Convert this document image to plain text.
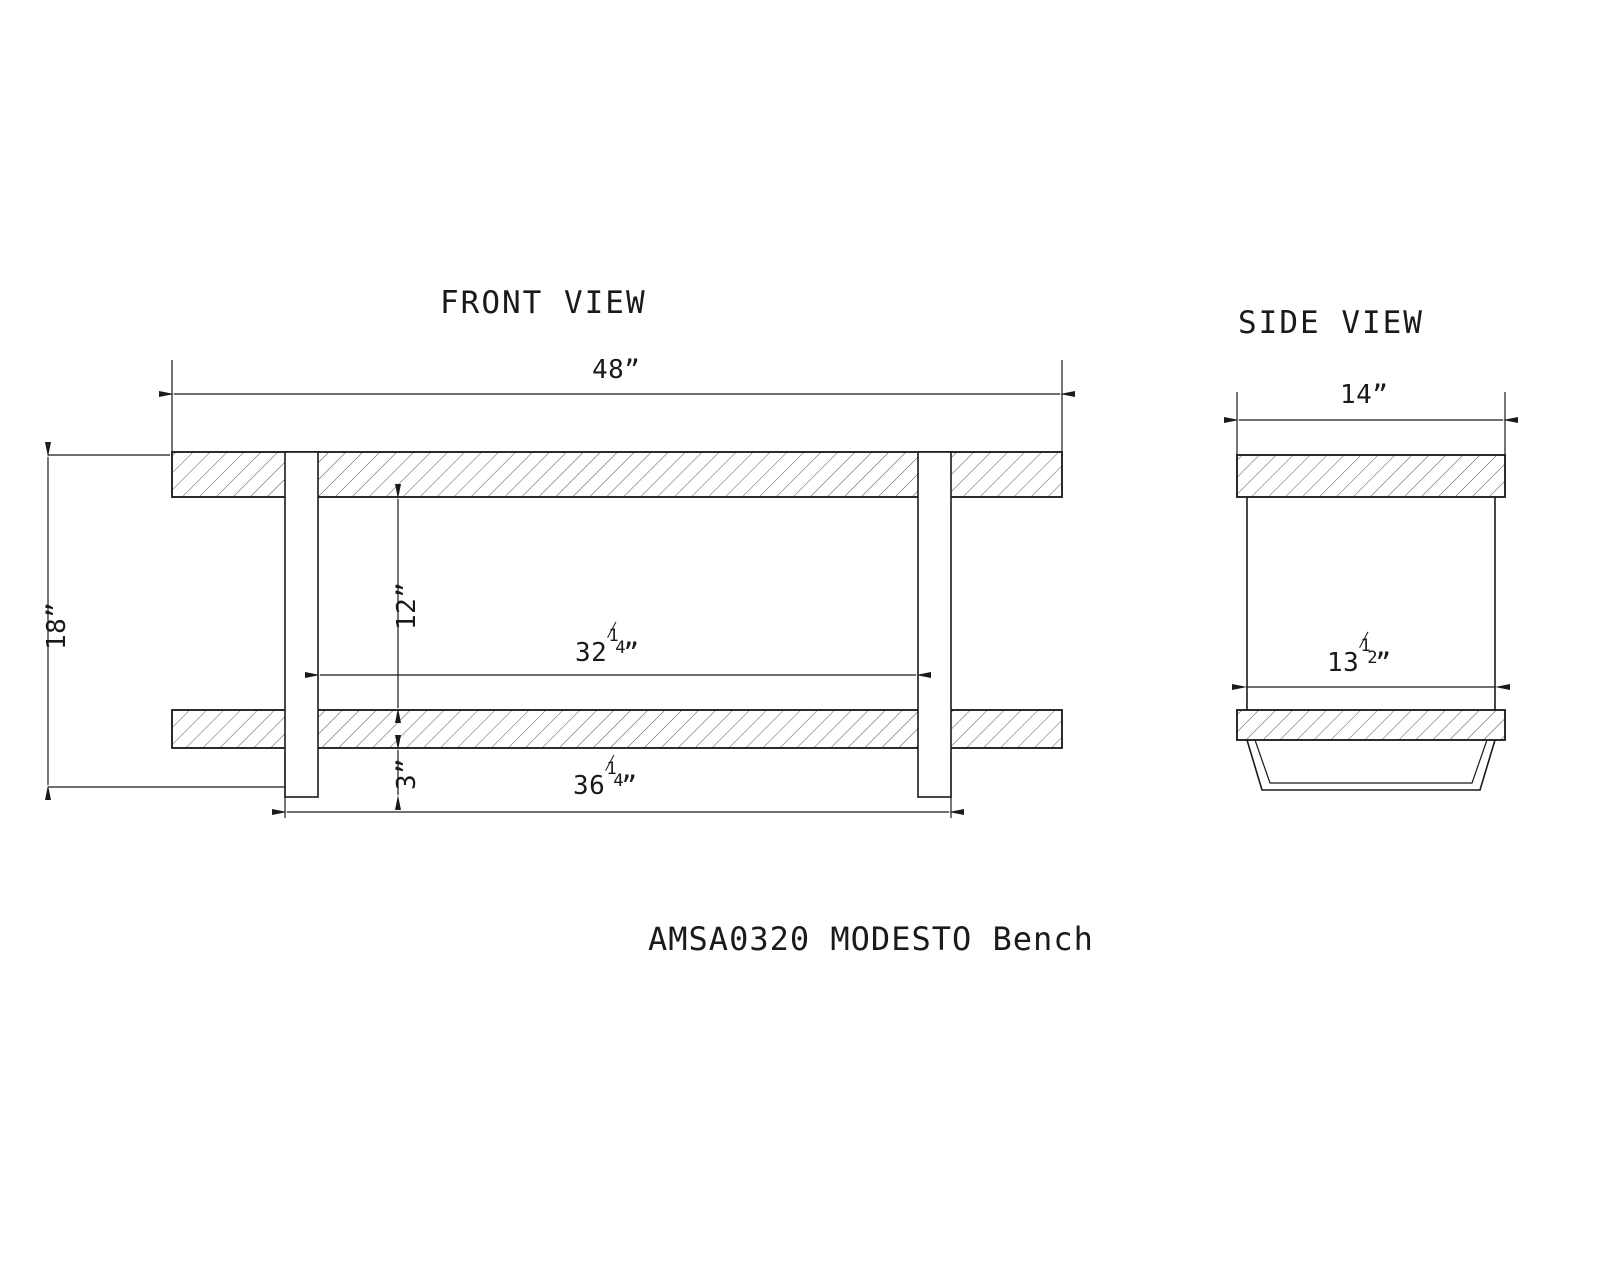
FRONT VIEW
SIDE VIEW
48”
18”	12”
3”
32
1
4
”
36
1
4
”
14”
13
1
2
”
AMSA0320 MODESTO Bench
